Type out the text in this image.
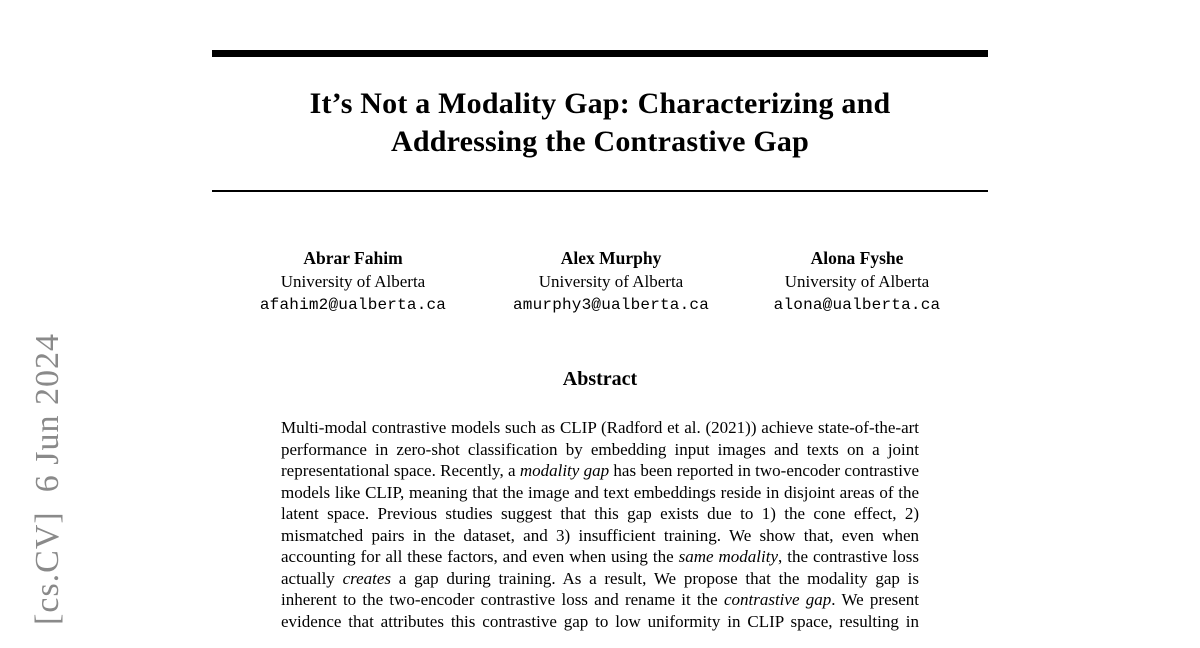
[cs.CV]  6 Jun 2024
It’s Not a Modality Gap: Characterizing and
Addressing the Contrastive Gap
Abrar Fahim
University of Alberta
afahim2@ualberta.ca
Alex Murphy
University of Alberta
amurphy3@ualberta.ca
Alona Fyshe
University of Alberta
alona@ualberta.ca
Abstract

Multi-modal contrastive models such as CLIP (Radford et al. (2021)) achieve state-of-the-art performance in zero-shot classification by embedding input images and texts on a joint representational space. Recently, a modality gap has been reported in two-encoder contrastive models like CLIP, meaning that the image and text embeddings reside in disjoint areas of the latent space. Previous studies suggest that this gap exists due to 1) the cone effect, 2) mismatched pairs in the dataset, and 3) insufficient training. We show that, even when accounting for all these factors, and even when using the same modality, the contrastive loss actually creates a gap during training. As a result, We propose that the modality gap is inherent to the two-encoder contrastive loss and rename it the contrastive gap. We present evidence that attributes this contrastive gap to low uniformity in CLIP space, resulting in
